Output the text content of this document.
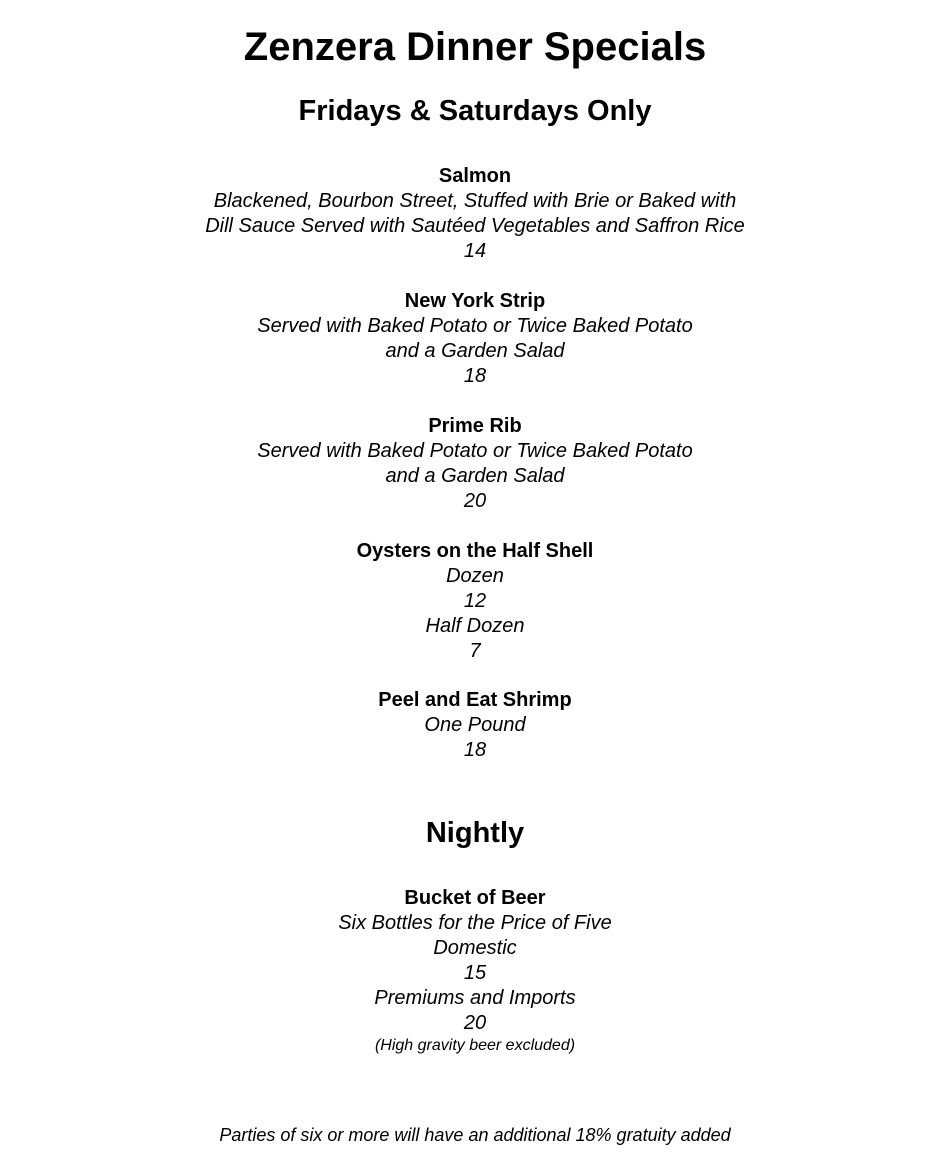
Zenzera Dinner Specials
Fridays & Saturdays Only
Salmon
Blackened, Bourbon Street, Stuffed with Brie or Baked with
Dill Sauce Served with Sautéed Vegetables and Saffron Rice
14
New York Strip
Served with Baked Potato or Twice Baked Potato
and a Garden Salad
18
Prime Rib
Served with Baked Potato or Twice Baked Potato
and a Garden Salad
20
Oysters on the Half Shell
Dozen
12
Half Dozen
7
Peel and Eat Shrimp
One Pound
18
Nightly
Bucket of Beer
Six Bottles for the Price of Five
Domestic
15
Premiums and Imports
20
(High gravity beer excluded)
Parties of six or more will have an additional 18% gratuity added
